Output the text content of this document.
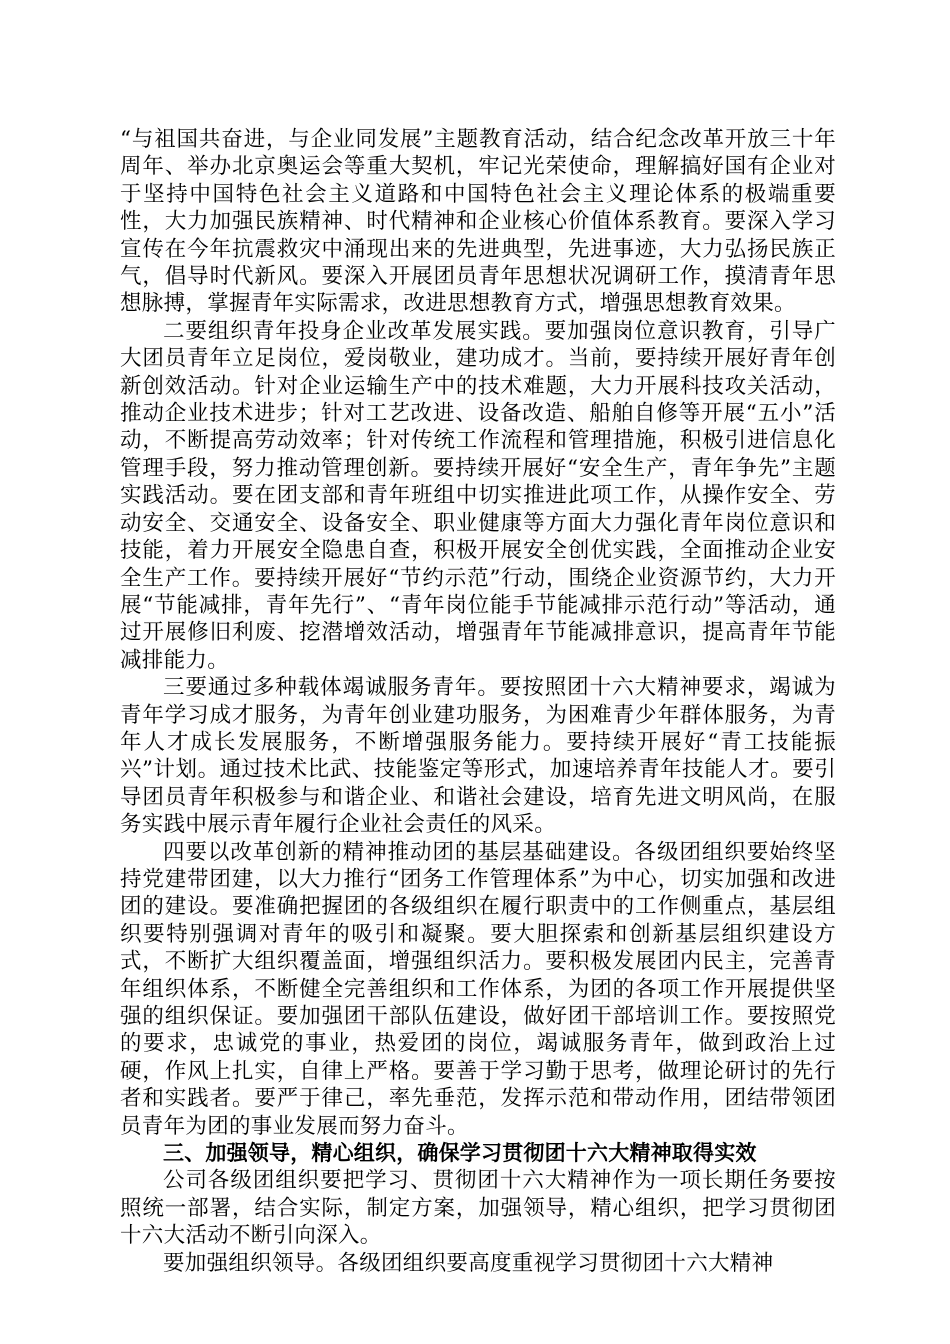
“与祖国共奋进，与企业同发展”主题教育活动，结合纪念改革开放三十年周年、举办北京奥运会等重大契机，牢记光荣使命，理解搞好国有企业对于坚持中国特色社会主义道路和中国特色社会主义理论体系的极端重要性，大力加强民族精神、时代精神和企业核心价值体系教育。要深入学习宣传在今年抗震救灾中涌现出来的先进典型，先进事迹，大力弘扬民族正气，倡导时代新风。要深入开展团员青年思想状况调研工作，摸清青年思想脉搏，掌握青年实际需求，改进思想教育方式，增强思想教育效果。

二要组织青年投身企业改革发展实践。要加强岗位意识教育，引导广大团员青年立足岗位，爱岗敬业，建功成才。当前，要持续开展好青年创新创效活动。针对企业运输生产中的技术难题，大力开展科技攻关活动，推动企业技术进步；针对工艺改进、设备改造、船舶自修等开展“五小”活动，不断提高劳动效率；针对传统工作流程和管理措施，积极引进信息化管理手段，努力推动管理创新。要持续开展好“安全生产，青年争先”主题实践活动。要在团支部和青年班组中切实推进此项工作，从操作安全、劳动安全、交通安全、设备安全、职业健康等方面大力强化青年岗位意识和技能，着力开展安全隐患自查，积极开展安全创优实践，全面推动企业安全生产工作。要持续开展好“节约示范”行动，围绕企业资源节约，大力开展“节能减排，青年先行”、“青年岗位能手节能减排示范行动”等活动，通过开展修旧利废、挖潜增效活动，增强青年节能减排意识，提高青年节能减排能力。

三要通过多种载体竭诚服务青年。要按照团十六大精神要求，竭诚为青年学习成才服务，为青年创业建功服务，为困难青少年群体服务，为青年人才成长发展服务，不断增强服务能力。要持续开展好“青工技能振兴”计划。通过技术比武、技能鉴定等形式，加速培养青年技能人才。要引导团员青年积极参与和谐企业、和谐社会建设，培育先进文明风尚，在服务实践中展示青年履行企业社会责任的风采。

四要以改革创新的精神推动团的基层基础建设。各级团组织要始终坚持党建带团建，以大力推行“团务工作管理体系”为中心，切实加强和改进团的建设。要准确把握团的各级组织在履行职责中的工作侧重点，基层组织要特别强调对青年的吸引和凝聚。要大胆探索和创新基层组织建设方式，不断扩大组织覆盖面，增强组织活力。要积极发展团内民主，完善青年组织体系，不断健全完善组织和工作体系，为团的各项工作开展提供坚强的组织保证。要加强团干部队伍建设，做好团干部培训工作。要按照党的要求，忠诚党的事业，热爱团的岗位，竭诚服务青年，做到政治上过硬，作风上扎实，自律上严格。要善于学习勤于思考，做理论研讨的先行者和实践者。要严于律己，率先垂范，发挥示范和带动作用，团结带领团员青年为团的事业发展而努力奋斗。

三、加强领导，精心组织，确保学习贯彻团十六大精神取得实效

公司各级团组织要把学习、贯彻团十六大精神作为一项长期任务要按照统一部署，结合实际，制定方案，加强领导，精心组织，把学习贯彻团十六大活动不断引向深入。

要加强组织领导。各级团组织要高度重视学习贯彻团十六大精神
